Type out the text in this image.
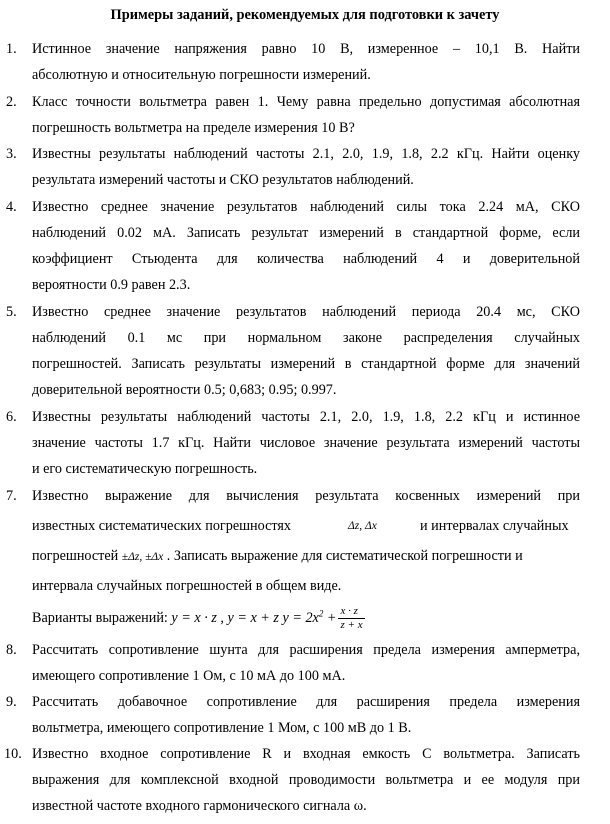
Примеры заданий, рекомендуемых для подготовки к зачету
1.	Истинное значение напряжения равно 10 В, измеренное – 10,1 В. Найти
абсолютную и относительную погрешности измерений.
2.	Класс точности вольтметра равен 1. Чему равна предельно допустимая абсолютная
погрешность вольтметра на пределе измерения 10 В?
3.	Известны результаты наблюдений частоты 2.1, 2.0, 1.9, 1.8, 2.2 кГц. Найти оценку
результата измерений частоты и СКО результатов наблюдений.
4.	Известно среднее значение результатов наблюдений силы тока 2.24 мА, СКО
наблюдений 0.02 мА. Записать результат измерений в стандартной форме, если
коэффициент Стьюдента для количества наблюдений 4 и доверительной
вероятности 0.9 равен 2.3.
5.	Известно среднее значение результатов наблюдений периода 20.4 мс, СКО
наблюдений 0.1 мс при нормальном законе распределения случайных
погрешностей. Записать результаты измерений в стандартной форме для значений
доверительной вероятности 0.5; 0,683; 0.95; 0.997.
6.	Известны результаты наблюдений частоты 2.1, 2.0, 1.9, 1.8, 2.2 кГц и истинное
значение частоты 1.7 кГц. Найти числовое значение результата измерений частоты
и его систематическую погрешность.
7.	Известно выражение для вычисления результата косвенных измерений при
известных систематических погрешностях	Δz, Δx	и интервалах случайных
погрешностей ±Δz, ±Δx . Записать выражение для систематической погрешности и
интервала случайных погрешностей в общем виде.
Варианты выражений: y = x · z , y = x + z $y = 2x^2 + \frac{x \cdot z}{z + x}$
8.	Рассчитать сопротивление шунта для расширения предела измерения амперметра,
имеющего сопротивление 1 Ом, с 10 мА до 100 мА.
9.	Рассчитать добавочное сопротивление для расширения предела измерения
вольтметра, имеющего сопротивление 1 Мом, с 100 мВ до 1 В.
10. Известно входное сопротивление R и входная емкость C вольтметра. Записать
выражения для комплексной входной проводимости вольтметра и ее модуля при
известной частоте входного гармонического сигнала ω.
